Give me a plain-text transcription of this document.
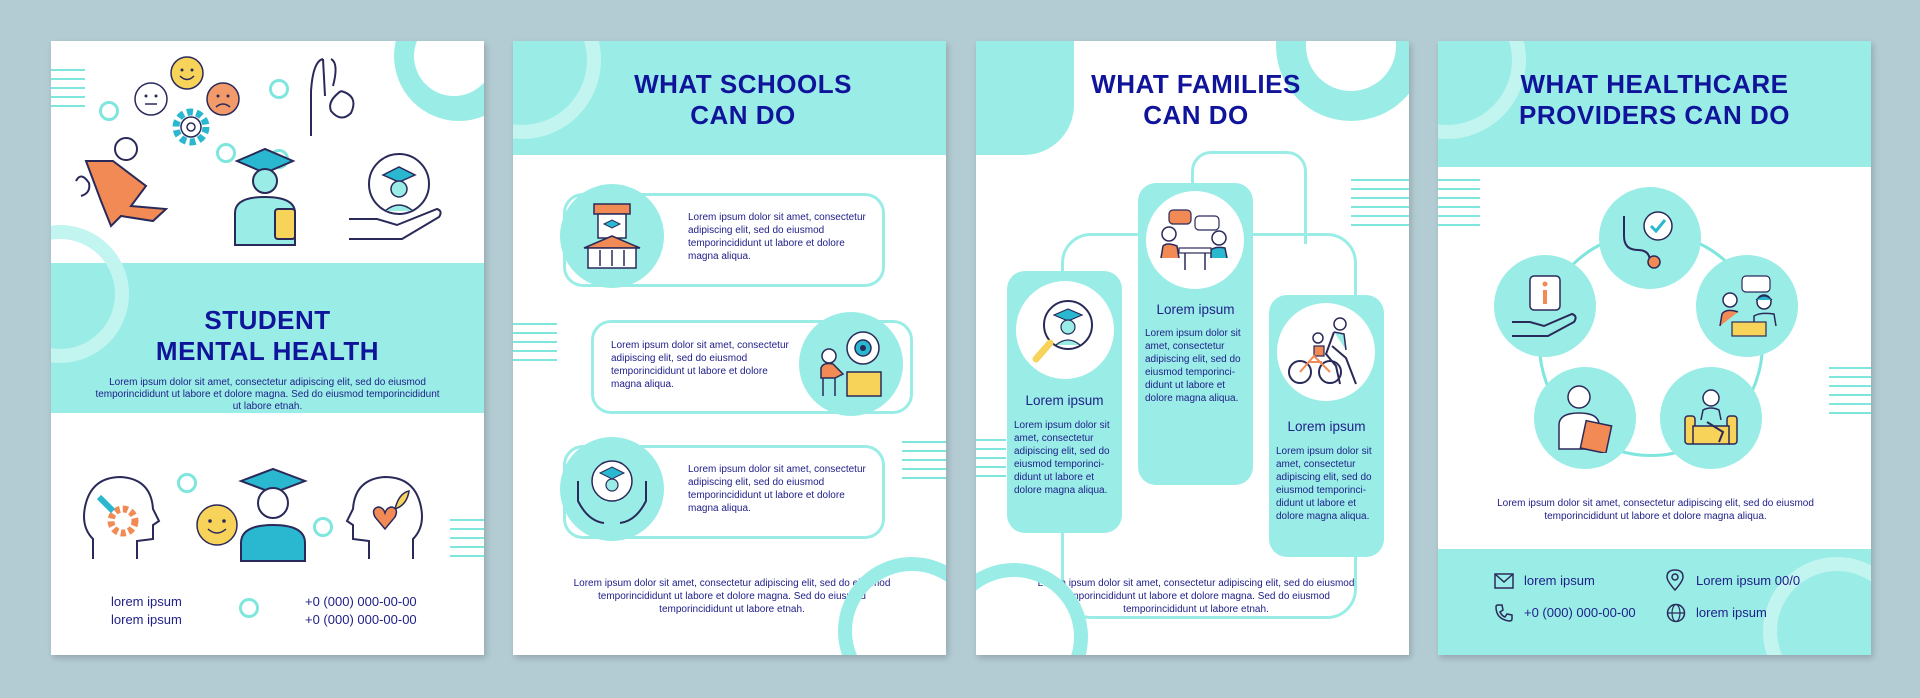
STUDENT
MENTAL HEALTH
Lorem ipsum dolor sit amet, consectetur adipiscing elit, sed do eiusmod temporincididunt ut labore et dolore magna. Sed do eiusmod temporincididunt ut labore etnah.
lorem ipsum
lorem ipsum
+0 (000) 000-00-00
+0 (000) 000-00-00
WHAT SCHOOLS
CAN DO
Lorem ipsum dolor sit amet, consectetur adipiscing elit, sed do eiusmod temporincididunt ut labore et dolore magna aliqua.
Lorem ipsum dolor sit amet, consectetur adipiscing elit, sed do eiusmod temporincididunt ut labore et dolore magna aliqua.
Lorem ipsum dolor sit amet, consectetur adipiscing elit, sed do eiusmod temporincididunt ut labore et dolore magna aliqua.
Lorem ipsum dolor sit amet, consectetur adipiscing elit, sed do eiusmod temporincididunt ut labore et dolore magna. Sed do eiusmod temporincididunt ut labore etnah.
WHAT FAMILIES
CAN DO
Lorem ipsum
Lorem ipsum dolor sit amet, consectetur adipiscing elit, sed do eiusmod temporinci-didunt ut labore et dolore magna aliqua.
Lorem ipsum
Lorem ipsum dolor sit amet, consectetur adipiscing elit, sed do eiusmod temporinci-didunt ut labore et dolore magna aliqua.
Lorem ipsum
Lorem ipsum dolor sit amet, consectetur adipiscing elit, sed do eiusmod temporinci-didunt ut labore et dolore magna aliqua.
Lorem ipsum dolor sit amet, consectetur adipiscing elit, sed do eiusmod temporincididunt ut labore et dolore magna. Sed do eiusmod temporincididunt ut labore etnah.
WHAT HEALTHCARE
PROVIDERS CAN DO
Lorem ipsum dolor sit amet, consectetur adipiscing elit, sed do eiusmod temporincididunt ut labore et dolore magna aliqua.
lorem ipsum	Lorem ipsum 00/0
+0 (000) 000-00-00	lorem ipsum
